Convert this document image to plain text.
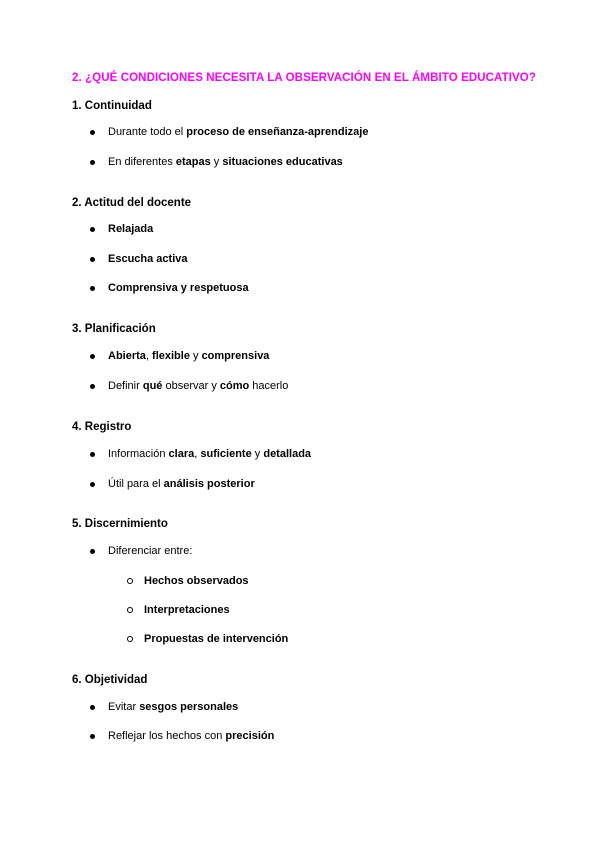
2. ¿QUÉ CONDICIONES NECESITA LA OBSERVACIÓN EN EL ÁMBITO EDUCATIVO?
1. Continuidad
Durante todo el proceso de enseñanza-aprendizaje
En diferentes etapas y situaciones educativas
2. Actitud del docente
Relajada
Escucha activa
Comprensiva y respetuosa
3. Planificación
Abierta, flexible y comprensiva
Definir qué observar y cómo hacerlo
4. Registro
Información clara, suficiente y detallada
Útil para el análisis posterior
5. Discernimiento
Diferenciar entre:
Hechos observados
Interpretaciones
Propuestas de intervención
6. Objetividad
Evitar sesgos personales
Reflejar los hechos con precisión
